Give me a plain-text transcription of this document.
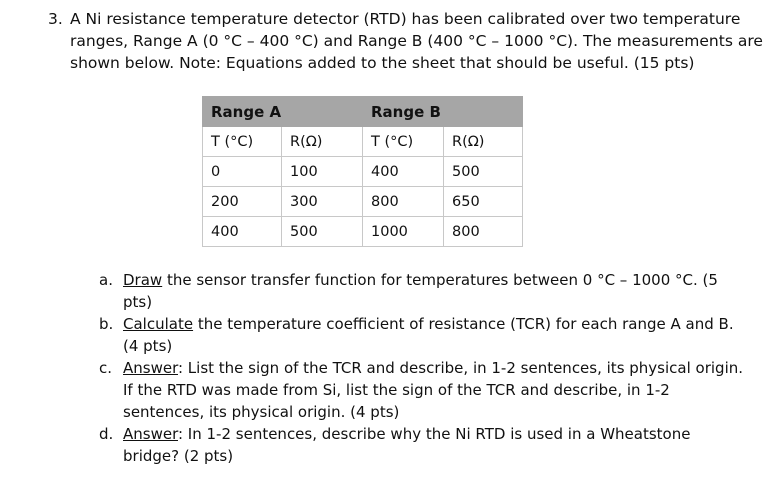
3. A Ni resistance temperature detector (RTD) has been calibrated over two temperature
ranges, Range A (0 °C – 400 °C) and Range B (400 °C – 1000 °C). The measurements are
shown below. Note: Equations added to the sheet that should be useful. (15 pts)
Range A		Range B	
T (°C)	R(Ω)	T (°C)	R(Ω)
0	100	400	500
200	300	800	650
400	500	1000	800
a. Draw the sensor transfer function for temperatures between 0 °C – 1000 °C. (5
pts)
b. Calculate the temperature coefficient of resistance (TCR) for each range A and B.
(4 pts)
c. Answer: List the sign of the TCR and describe, in 1-2 sentences, its physical origin.
If the RTD was made from Si, list the sign of the TCR and describe, in 1-2
sentences, its physical origin. (4 pts)
d. Answer: In 1-2 sentences, describe why the Ni RTD is used in a Wheatstone
bridge? (2 pts)
